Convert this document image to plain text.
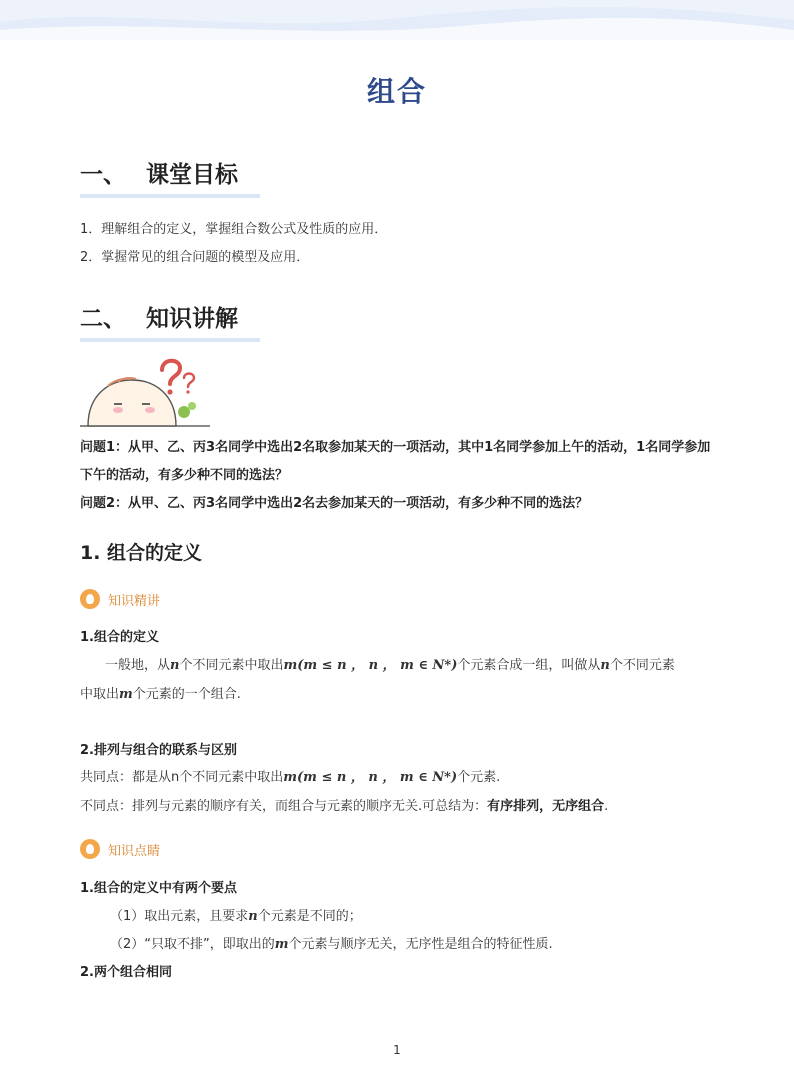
组合
一、 课堂目标
1．理解组合的定义，掌握组合数公式及性质的应用．
2．掌握常见的组合问题的模型及应用．
二、 知识讲解
问题1：从甲、乙、丙3名同学中选出2名取参加某天的一项活动，其中1名同学参加上午的活动，1名同学参加下午的活动，有多少种不同的选法？
问题2：从甲、乙、丙3名同学中选出2名去参加某天的一项活动，有多少种不同的选法？
1. 组合的定义
知识精讲
1.组合的定义
一般地，从n个不同元素中取出m(m ≤ n ， n ， m ∈ N*)个元素合成一组，叫做从n个不同元素
中取出m个元素的一个组合.
2.排列与组合的联系与区别
共同点：都是从n个不同元素中取出m(m ≤ n ， n ， m ∈ N*)个元素.
不同点：排列与元素的顺序有关，而组合与元素的顺序无关.可总结为：有序排列，无序组合.
知识点睛
1.组合的定义中有两个要点
（1）取出元素，且要求n个元素是不同的；
（2）“只取不排”，即取出的m个元素与顺序无关，无序性是组合的特征性质.
2.两个组合相同
1
